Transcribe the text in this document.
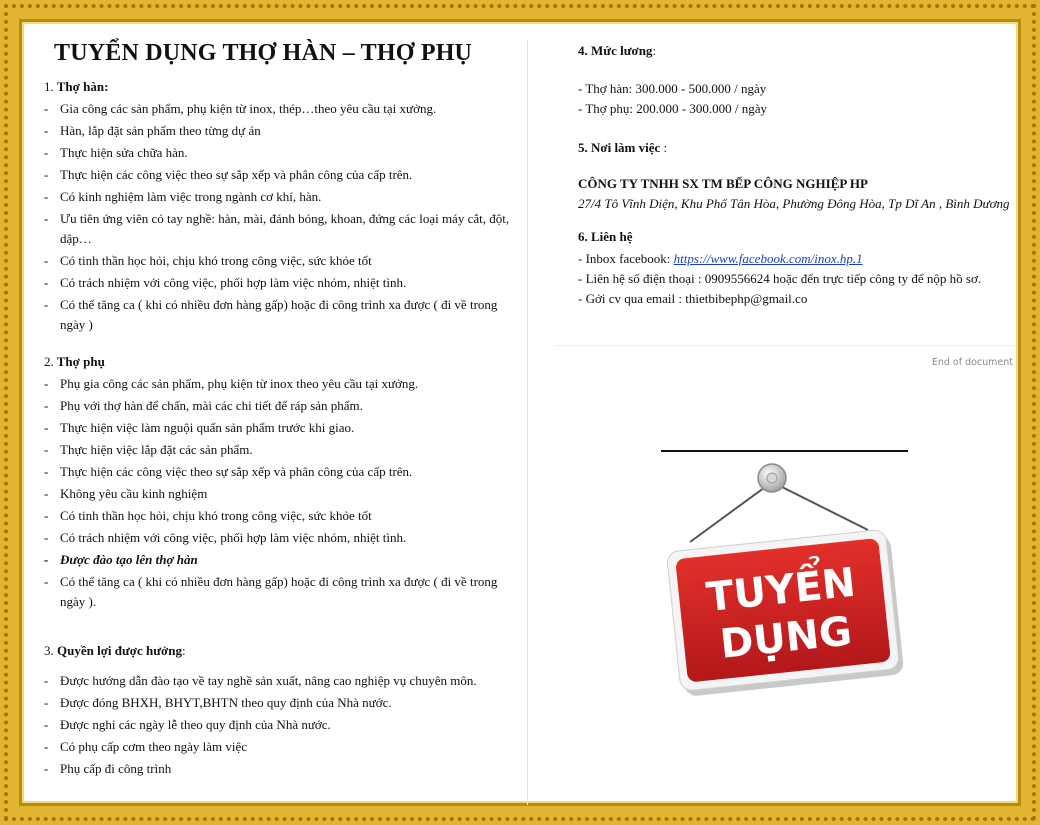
TUYỂN DỤNG THỢ HÀN – THỢ PHỤ
1. Thợ hàn:
- Gia công các sản phẩm, phụ kiện từ inox, thép…theo yêu cầu tại xưởng.
- Hàn, lắp đặt sản phẩm theo từng dự án
- Thực hiện sửa chữa hàn.
- Thực hiện các công việc theo sự sắp xếp và phân công của cấp trên.
- Có kinh nghiệm làm việc trong ngành cơ khí, hàn.
- Ưu tiên ứng viên có tay nghề: hàn, mài, đánh bóng, khoan, đứng các loại máy cắt, đột, dập…
- Có tinh thần học hỏi, chịu khó trong công việc, sức khỏe tốt
- Có trách nhiệm với công việc, phối hợp làm việc nhóm, nhiệt tình.
- Có thể tăng ca ( khi có nhiều đơn hàng gấp) hoặc đi công trình xa được ( đi về trong ngày )
2. Thợ phụ
- Phụ gia công các sản phẩm, phụ kiện từ inox theo yêu cầu tại xưởng.
- Phụ với thợ hàn để chấn, mài các chi tiết để ráp sản phẩm.
- Thực hiện việc làm nguội quấn sản phẩm trước khi giao.
- Thực hiện việc lắp đặt các sản phẩm.
- Thực hiện các công việc theo sự sắp xếp và phân công của cấp trên.
- Không yêu cầu kinh nghiệm
- Có tinh thần học hỏi, chịu khó trong công việc, sức khỏe tốt
- Có trách nhiệm với công việc, phối hợp làm việc nhóm, nhiệt tình.
- Được đào tạo lên thợ hàn
- Có thể tăng ca ( khi có nhiều đơn hàng gấp) hoặc đi công trình xa được ( đi về trong ngày ).
3. Quyền lợi được hưởng:
- Được hướng dẫn đào tạo về tay nghề sản xuất, nâng cao nghiệp vụ chuyên môn.
- Được đóng BHXH, BHYT,BHTN theo quy định của Nhà nước.
- Được nghỉ các ngày lễ theo quy định của Nhà nước.
- Có phụ cấp cơm theo ngày làm việc
- Phụ cấp đi công trình
4. Mức lương:

- Thợ hàn: 300.000 - 500.000 / ngày

- Thợ phụ: 200.000 - 300.000 / ngày

5. Nơi làm việc :

CÔNG TY TNHH SX TM BẾP CÔNG NGHIỆP HP

27/4 Tô Vĩnh Diện, Khu Phố Tân Hòa, Phường Đông Hòa, Tp Dĩ An , Bình Dương

6. Liên hệ

- Inbox facebook: https://www.facebook.com/inox.hp.1

- Liên hệ số điện thoại : 0909556624 hoặc đến trực tiếp công ty để nộp hồ sơ.

- Gởi cv qua email : thietbibephp@gmail.co

End of document
TUYỂN
DỤNG
